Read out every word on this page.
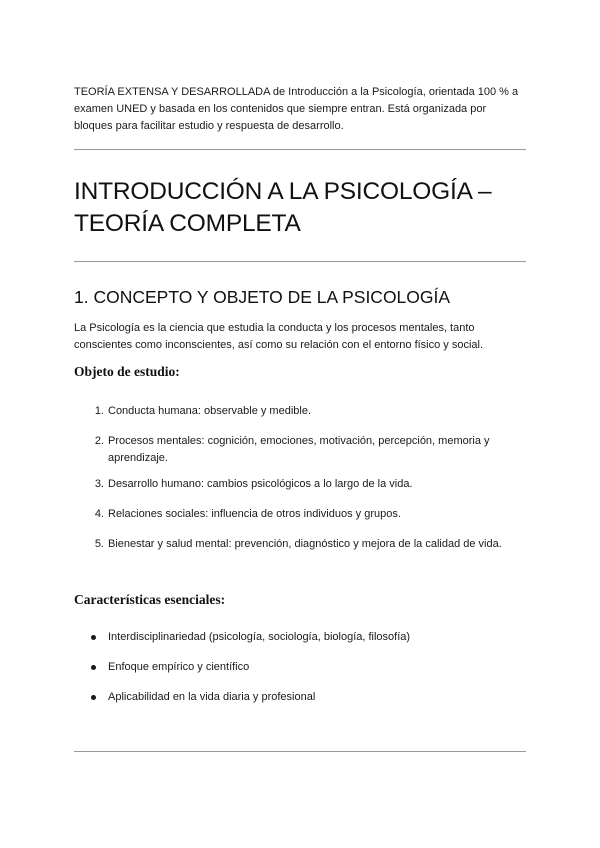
TEORÍA EXTENSA Y DESARROLLADA de Introducción a la Psicología, orientada 100 % a examen UNED y basada en los contenidos que siempre entran. Está organizada por bloques para facilitar estudio y respuesta de desarrollo.
INTRODUCCIÓN A LA PSICOLOGÍA – TEORÍA COMPLETA
1. CONCEPTO Y OBJETO DE LA PSICOLOGÍA
La Psicología es la ciencia que estudia la conducta y los procesos mentales, tanto conscientes como inconscientes, así como su relación con el entorno físico y social.
Objeto de estudio:
1. Conducta humana: observable y medible.
2. Procesos mentales: cognición, emociones, motivación, percepción, memoria y aprendizaje.
3. Desarrollo humano: cambios psicológicos a lo largo de la vida.
4. Relaciones sociales: influencia de otros individuos y grupos.
5. Bienestar y salud mental: prevención, diagnóstico y mejora de la calidad de vida.
Características esenciales:
Interdisciplinariedad (psicología, sociología, biología, filosofía)
Enfoque empírico y científico
Aplicabilidad en la vida diaria y profesional
